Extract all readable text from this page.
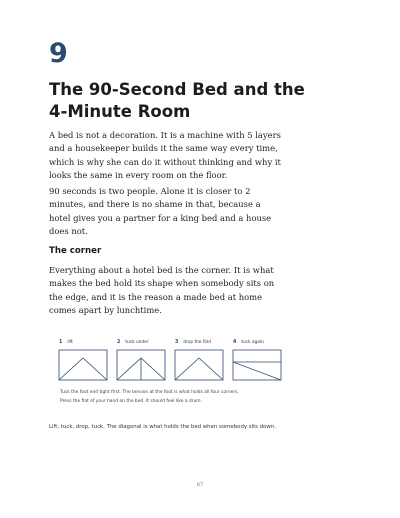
9
The 90-Second Bed and the 4-Minute Room

A bed is not a decoration. It is a machine with 5 layers and a housekeeper builds it the same way every time, which is why she can do it without thinking and why it looks the same in every room on the floor.

90 seconds is two people. Alone it is closer to 2 minutes, and there is no shame in that, because a hotel gives you a partner for a king bed and a house does not.

The corner

Everything about a hotel bed is the corner. It is what makes the bed hold its shape when somebody sits on the edge, and it is the reason a made bed at home comes apart by lunchtime.

1 lift	2 tuck under	3 drop the fold	4 tuck again

Tuck the foot end tight first. The tension at the foot is what holds all four corners.

Press the flat of your hand on the bed. It should feel like a drum.

Lift, tuck, drop, tuck. The diagonal is what holds the bed when somebody sits down.

67
